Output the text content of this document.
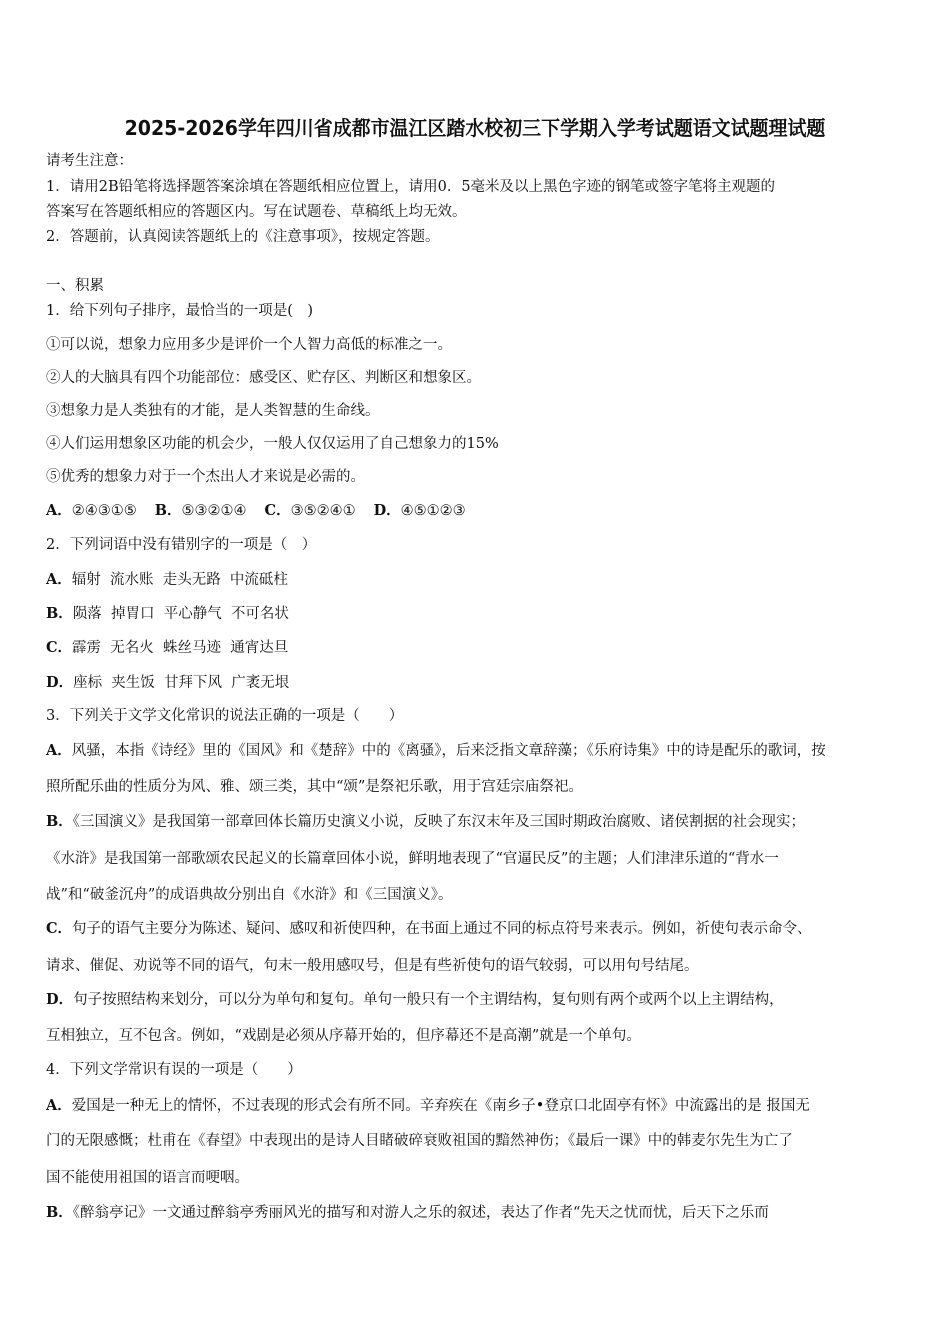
2025-2026学年四川省成都市温江区踏水校初三下学期入学考试题语文试题理试题
请考生注意：
1．请用2B铅笔将选择题答案涂填在答题纸相应位置上，请用0．5毫米及以上黑色字迹的钢笔或签字笔将主观题的
答案写在答题纸相应的答题区内。写在试题卷、草稿纸上均无效。
2．答题前，认真阅读答题纸上的《注意事项》，按规定答题。
一、积累
1．给下列句子排序，最恰当的一项是(　)
①可以说，想象力应用多少是评价一个人智力高低的标准之一。
②人的大脑具有四个功能部位：感受区、贮存区、判断区和想象区。
③想象力是人类独有的才能，是人类智慧的生命线。
④人们运用想象区功能的机会少，一般人仅仅运用了自己想象力的15%
⑤优秀的想象力对于一个杰出人才来说是必需的。
A．②④③①⑤ B．⑤③②①④ C．③⑤②④① D．④⑤①②③
2．下列词语中没有错别字的一项是（　）
A．辐射  流水账  走头无路  中流砥柱
B．陨落  掉胃口  平心静气  不可名状
C．霹雳  无名火  蛛丝马迹  通宵达旦
D．座标  夹生饭  甘拜下风  广袤无垠
3．下列关于文学文化常识的说法正确的一项是（　　）
A．风骚，本指《诗经》里的《国风》和《楚辞》中的《离骚》，后来泛指文章辞藻；《乐府诗集》中的诗是配乐的歌词，按
照所配乐曲的性质分为风、雅、颂三类，其中“颂”是祭祀乐歌，用于宫廷宗庙祭祀。
B．《三国演义》是我国第一部章回体长篇历史演义小说，反映了东汉末年及三国时期政治腐败、诸侯割据的社会现实；
《水浒》是我国第一部歌颂农民起义的长篇章回体小说，鲜明地表现了“官逼民反”的主题；人们津津乐道的“背水一
战”和“破釜沉舟”的成语典故分别出自《水浒》和《三国演义》。
C．句子的语气主要分为陈述、疑问、感叹和祈使四种，在书面上通过不同的标点符号来表示。例如，祈使句表示命令、
请求、催促、劝说等不同的语气，句末一般用感叹号，但是有些祈使句的语气较弱，可以用句号结尾。
D．句子按照结构来划分，可以分为单句和复句。单句一般只有一个主谓结构，复句则有两个或两个以上主谓结构，
互相独立，互不包含。例如，“戏剧是必须从序幕开始的，但序幕还不是高潮”就是一个单句。
4．下列文学常识有误的一项是（　　）
A．爱国是一种无上的情怀，不过表现的形式会有所不同。辛弃疾在《南乡子•登京口北固亭有怀》中流露出的是 报国无
门的无限感慨；杜甫在《春望》中表现出的是诗人目睹破碎衰败祖国的黯然神伤；《最后一课》中的韩麦尔先生为亡了
国不能使用祖国的语言而哽咽。
B．《醉翁亭记》一文通过醉翁亭秀丽风光的描写和对游人之乐的叙述，表达了作者“先天之忧而忧，后天下之乐而
